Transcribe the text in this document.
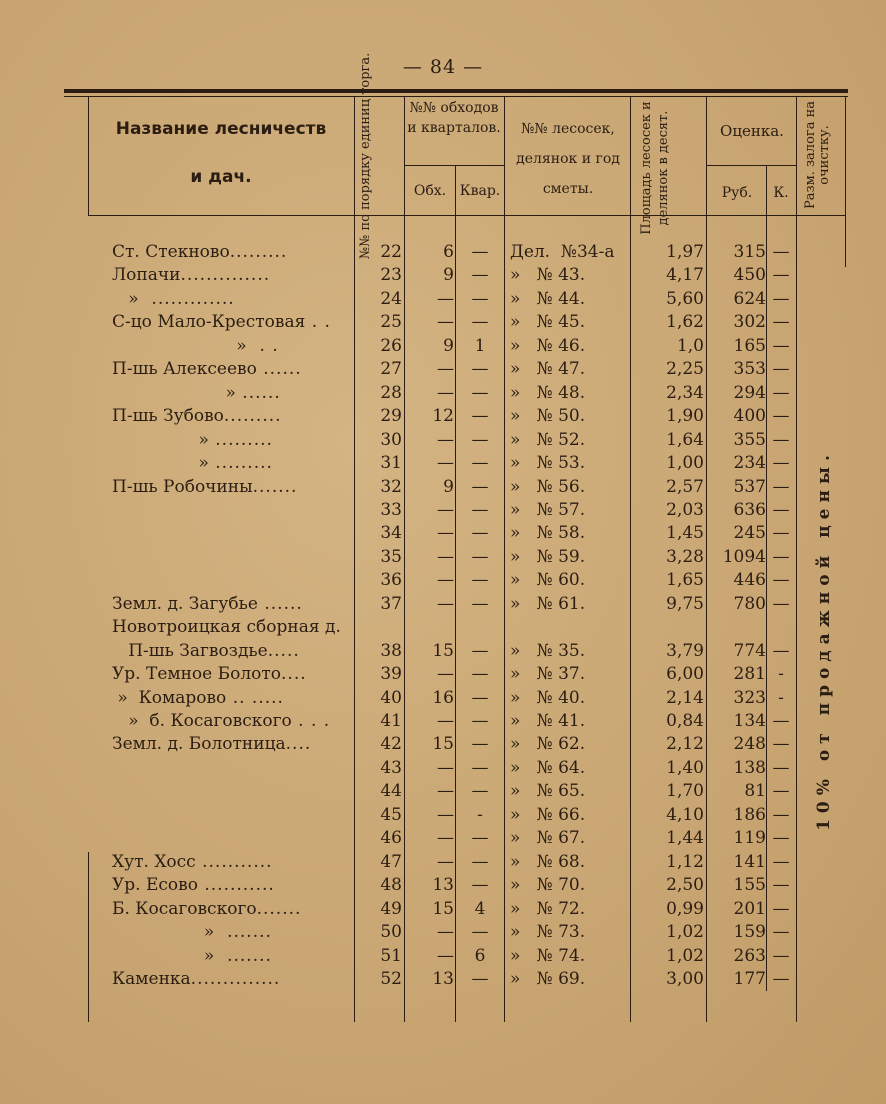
— 84 —
Название лесничеств
и дач.	№№ по порядку единиц торга.	№№ обходов и кварталов.
Обх. Квар.
№№ лесосек, делянок и год сметы.	Площадь лесосек и делянок в десят.	Оценка.
Руб.	К.	Разм. залога на очистку.
Ст. Стекново.........	22	6	—	Дел.  №34-а	1,97	315 —
Лопачи..............	23	9	—	»   № 43.	4,17	450 —
»  .............	24	—	—	»   № 44.	5,60	624 —
С-цо Мало-Крестовая . .	25	—	—	»   № 45.	1,62	302 —
»  . .	26	9	1	»   № 46.	1,0	165 —
П-шь Алексеево ......	27	—	—	»   № 47.	2,25	353 —
» ......	28	—	—	»   № 48.	2,34	294 —
П-шь Зубово.........	29	12	—	»   № 50.	1,90	400 —
» .........	30	—	—	»   № 52.	1,64	355 —
» .........	31	—	—	»   № 53.	1,00	234 —
П-шь Робочины.......	32	9	—	»   № 56.	2,57	537 —
33	—	—	»   № 57.	2,03	636 —
34	—	—	»   № 58.	1,45	245 —
35	—	—	»   № 59.	3,28	1094 —
36	—	—	»   № 60.	1,65	446 —
Земл. д. Загубье ......	37	—	—	»   № 61.	9,75	780 —
Новотроицкая сборная д.
П-шь Загвоздье.....	38	15	—	»   № 35.	3,79	774 —
Ур. Темное Болото....	39	—	—	»   № 37.	6,00	281 -
»  Комарово .. .....	40	16	—	»   № 40.	2,14	323 -
»  б. Косаговского . . .	41	—	—	»   № 41.	0,84	134 —
Земл. д. Болотница....	42	15	—	»   № 62.	2,12	248 —
43	—	—	»   № 64.	1,40	138 —
44	—	—	»   № 65.	1,70	81 —
45	—	-	»   № 66.	4,10	186 —
46	—	—	»   № 67.	1,44	119 —
Хут. Хосс ...........	47	—	—	»   № 68.	1,12	141 —
Ур. Есово ...........	48	13	—	»   № 70.	2,50	155 —
Б. Косаговского.......	49	15	4	»   № 72.	0,99	201 —
»  .......	50	—	—	»   № 73.	1,02	159 —
»  .......	51	—	6	»   № 74.	1,02	263 —
Каменка..............	52	13	—	»   № 69.	3,00	177 —
10% от продажной цены.
